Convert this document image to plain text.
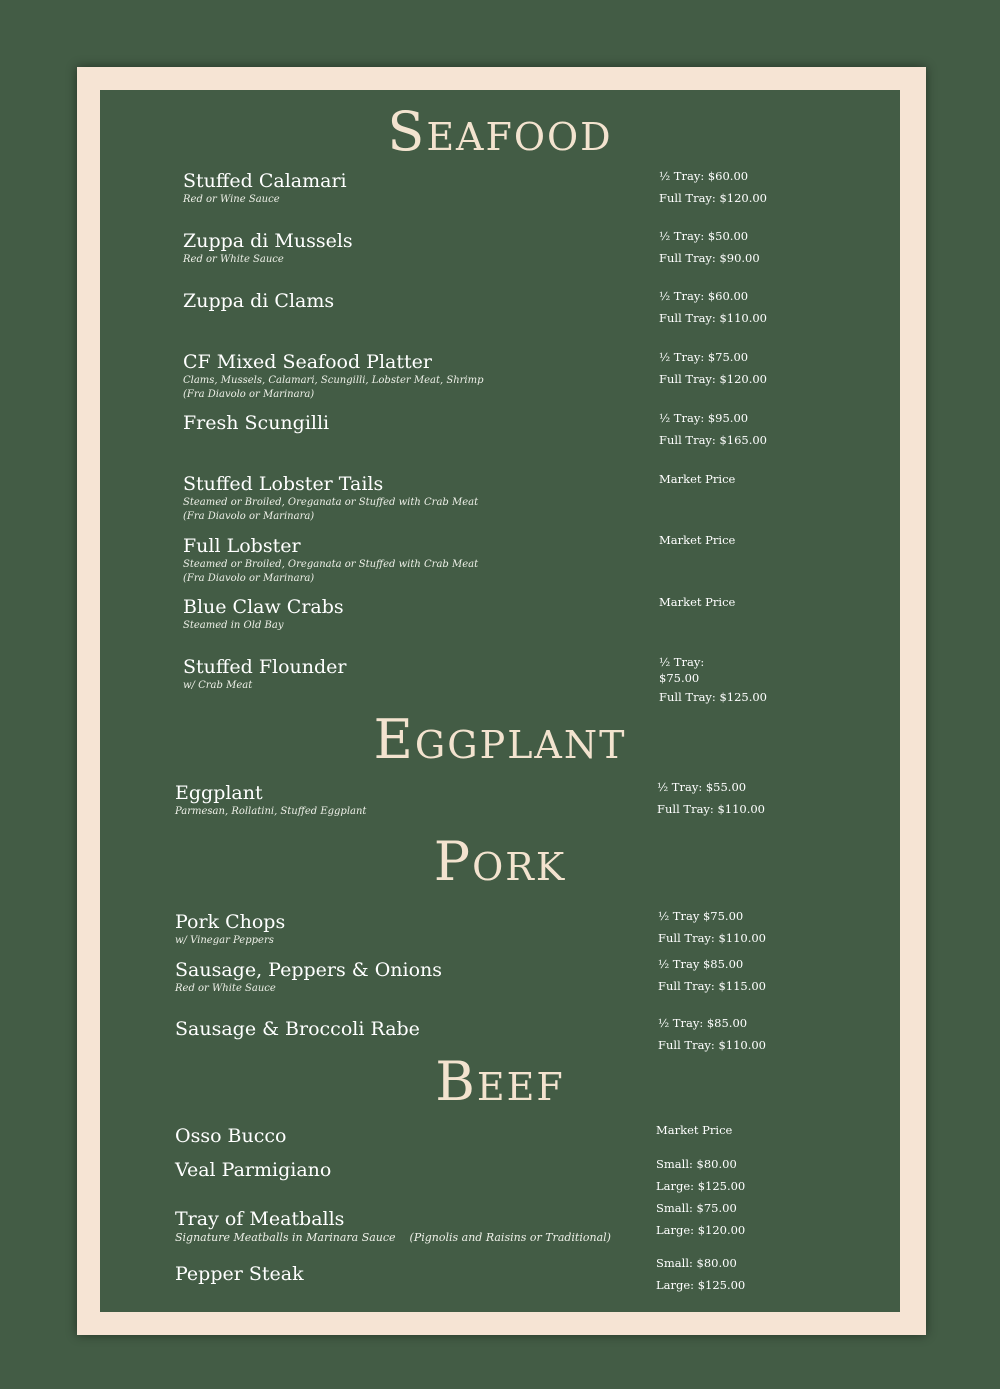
Seafood
Eggplant
Pork
Beef
Stuffed Calamari
Red or Wine Sauce
½ Tray: $60.00
Full Tray: $120.00
Zuppa di Mussels
Red or White Sauce
½ Tray: $50.00
Full Tray: $90.00
Zuppa di Clams	½ Tray: $60.00
Full Tray: $110.00
CF Mixed Seafood Platter
Clams, Mussels, Calamari, Scungilli, Lobster Meat, Shrimp
(Fra Diavolo or Marinara)
½ Tray: $75.00
Full Tray: $120.00
Fresh Scungilli	½ Tray: $95.00
Full Tray: $165.00
Stuffed Lobster Tails
Steamed or Broiled, Oreganata or Stuffed with Crab Meat
(Fra Diavolo or Marinara)
Market Price
Full Lobster
Steamed or Broiled, Oreganata or Stuffed with Crab Meat
(Fra Diavolo or Marinara)
Market Price
Blue Claw Crabs
Steamed in Old Bay
Market Price
Stuffed Flounder
w/ Crab Meat
½ Tray:
$75.00
Full Tray: $125.00
Eggplant
Parmesan, Rollatini, Stuffed Eggplant
½ Tray: $55.00
Full Tray: $110.00
Pork Chops
w/ Vinegar Peppers
½ Tray $75.00
Full Tray: $110.00
Sausage, Peppers & Onions
Red or White Sauce
½ Tray $85.00
Full Tray: $115.00
Sausage & Broccoli Rabe	½ Tray: $85.00
Full Tray: $110.00
Osso Bucco	Market Price
Veal Parmigiano	Small: $80.00
Large: $125.00
Tray of Meatballs
Signature Meatballs in Marinara Sauce    (Pignolis and Raisins or Traditional)
Small: $75.00
Large: $120.00
Pepper Steak	Small: $80.00
Large: $125.00
